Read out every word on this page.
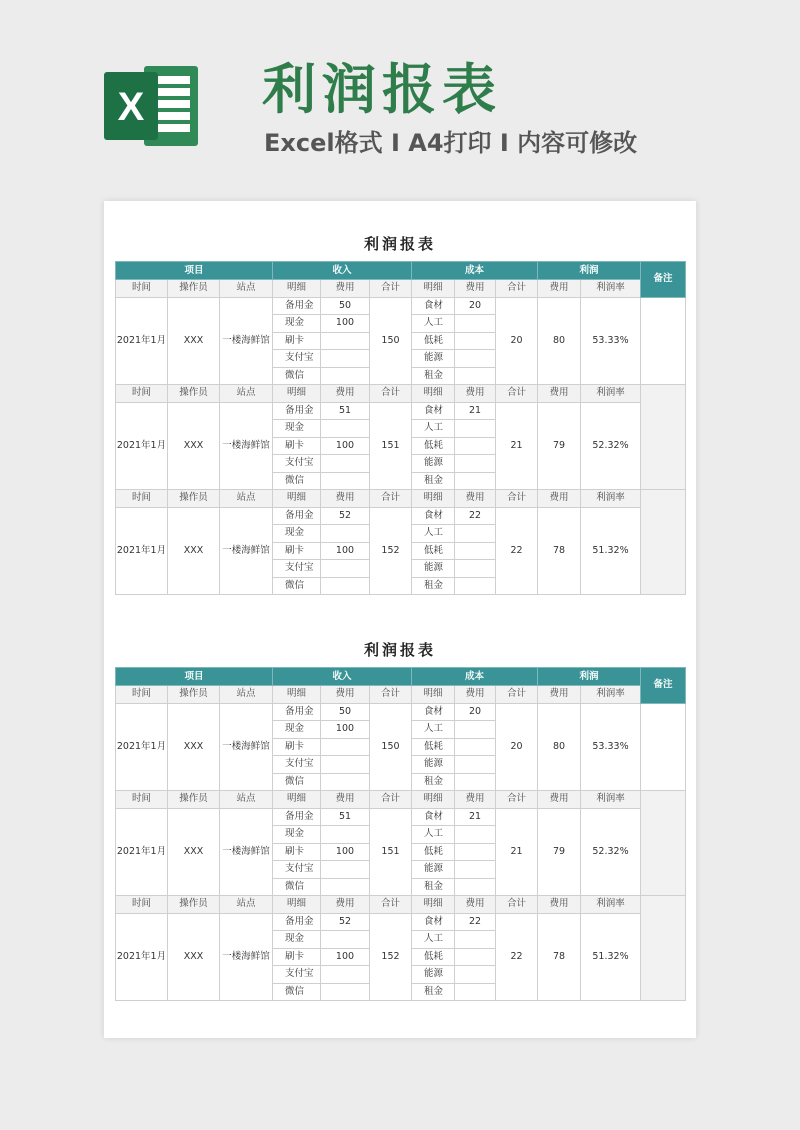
X 利润报表
Excel格式 I A4打印 I 内容可修改
利润报表
项目			收入			成本			利润		备注
时间	操作员	站点	明细	费用	合计	明细	费用	合计	费用	利润率	
2021年1月	XXX	一楼海鲜馆	备用金	50	150	食材	20	20	80	53.33%	
			现金	100		人工					
			刷卡			低耗					
			支付宝			能源					
			微信			租金					
时间	操作员	站点	明细	费用	合计	明细	费用	合计	费用	利润率	
2021年1月	XXX	一楼海鲜馆	备用金	51	151	食材	21	21	79	52.32%	
			现金			人工					
			刷卡	100		低耗					
			支付宝			能源					
			微信			租金					
时间	操作员	站点	明细	费用	合计	明细	费用	合计	费用	利润率	
2021年1月	XXX	一楼海鲜馆	备用金	52	152	食材	22	22	78	51.32%	
			现金			人工					
			刷卡	100		低耗					
			支付宝			能源					
			微信			租金					
利润报表
项目			收入			成本			利润		备注
时间	操作员	站点	明细	费用	合计	明细	费用	合计	费用	利润率	
2021年1月	XXX	一楼海鲜馆	备用金	50	150	食材	20	20	80	53.33%	
			现金	100		人工					
			刷卡			低耗					
			支付宝			能源					
			微信			租金					
时间	操作员	站点	明细	费用	合计	明细	费用	合计	费用	利润率	
2021年1月	XXX	一楼海鲜馆	备用金	51	151	食材	21	21	79	52.32%	
			现金			人工					
			刷卡	100		低耗					
			支付宝			能源					
			微信			租金					
时间	操作员	站点	明细	费用	合计	明细	费用	合计	费用	利润率	
2021年1月	XXX	一楼海鲜馆	备用金	52	152	食材	22	22	78	51.32%	
			现金			人工					
			刷卡	100		低耗					
			支付宝			能源					
			微信			租金					
